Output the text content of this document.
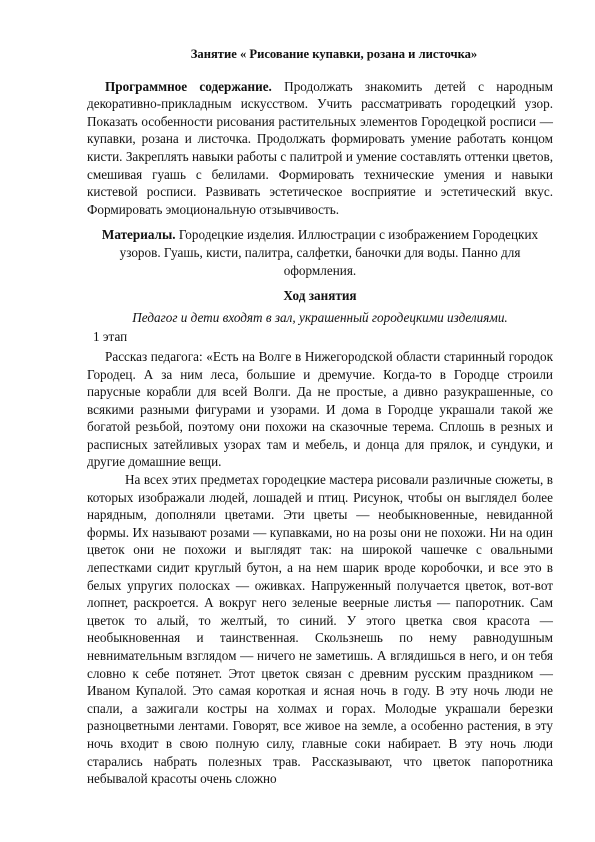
Занятие « Рисование купавки, розана и листочка»

Программное содержание. Продолжать знакомить детей с народным декоративно-прикладным искусством. Учить рассматривать городецкий узор. Показать особенности рисования растительных элементов Городецкой росписи — купавки, розана и листочка. Продолжать формировать умение работать концом кисти. Закреплять навыки работы с палитрой и умение составлять оттенки цветов, смешивая гуашь с белилами. Формировать технические умения и навыки кистевой росписи. Развивать эстетическое восприятие и эстетический вкус. Формировать эмоциональную отзывчивость.

Материалы. Городецкие изделия. Иллюстрации с изображением Городецких узоров. Гуашь, кисти, палитра, салфетки, баночки для воды. Панно для оформления.

Ход занятия

Педагог и дети входят в зал, украшенный городецкими изделиями.

1 этап

Рассказ педагога: «Есть на Волге в Нижегородской области старинный городок Городец. А за ним леса, большие и дремучие. Когда-то в Городце строили парусные корабли для всей Волги. Да не простые, а дивно разукрашенные, со всякими разными фигурами и узорами. И дома в Городце украшали такой же богатой резьбой, поэтому они похожи на сказочные терема. Сплошь в резных и расписных затейливых узорах там и мебель, и донца для прялок, и сундуки, и другие домашние вещи.

На всех этих предметах городецкие мастера рисовали различные сюжеты, в которых изображали людей, лошадей и птиц. Рисунок, чтобы он выглядел более нарядным, дополняли цветами. Эти цветы — необыкновенные, невиданной формы. Их называют розами — купавками, но на розы они не похожи. Ни на один цветок они не похожи и выглядят так: на широкой чашечке с овальными лепестками сидит круглый бутон, а на нем шарик вроде коробочки, и все это в белых упругих полосках — оживках. Напруженный получается цветок, вот-вот лопнет, раскроется. А вокруг него зеленые веерные листья — папоротник. Сам цветок то алый, то желтый, то синий. У этого цветка своя красота — необыкновенная и таинственная. Скользнешь по нему равнодушным невнимательным взглядом — ничего не заметишь. А вглядишься в него, и он тебя словно к себе потянет. Этот цветок связан с древним русским праздником — Иваном Купалой. Это самая короткая и ясная ночь в году. В эту ночь люди не спали, а зажигали костры на холмах и горах. Молодые украшали березки разноцветными лентами. Говорят, все живое на земле, а особенно растения, в эту ночь входит в свою полную силу, главные соки набирает. В эту ночь люди старались набрать полезных трав. Рассказывают, что цветок папоротника небывалой красоты очень сложно
